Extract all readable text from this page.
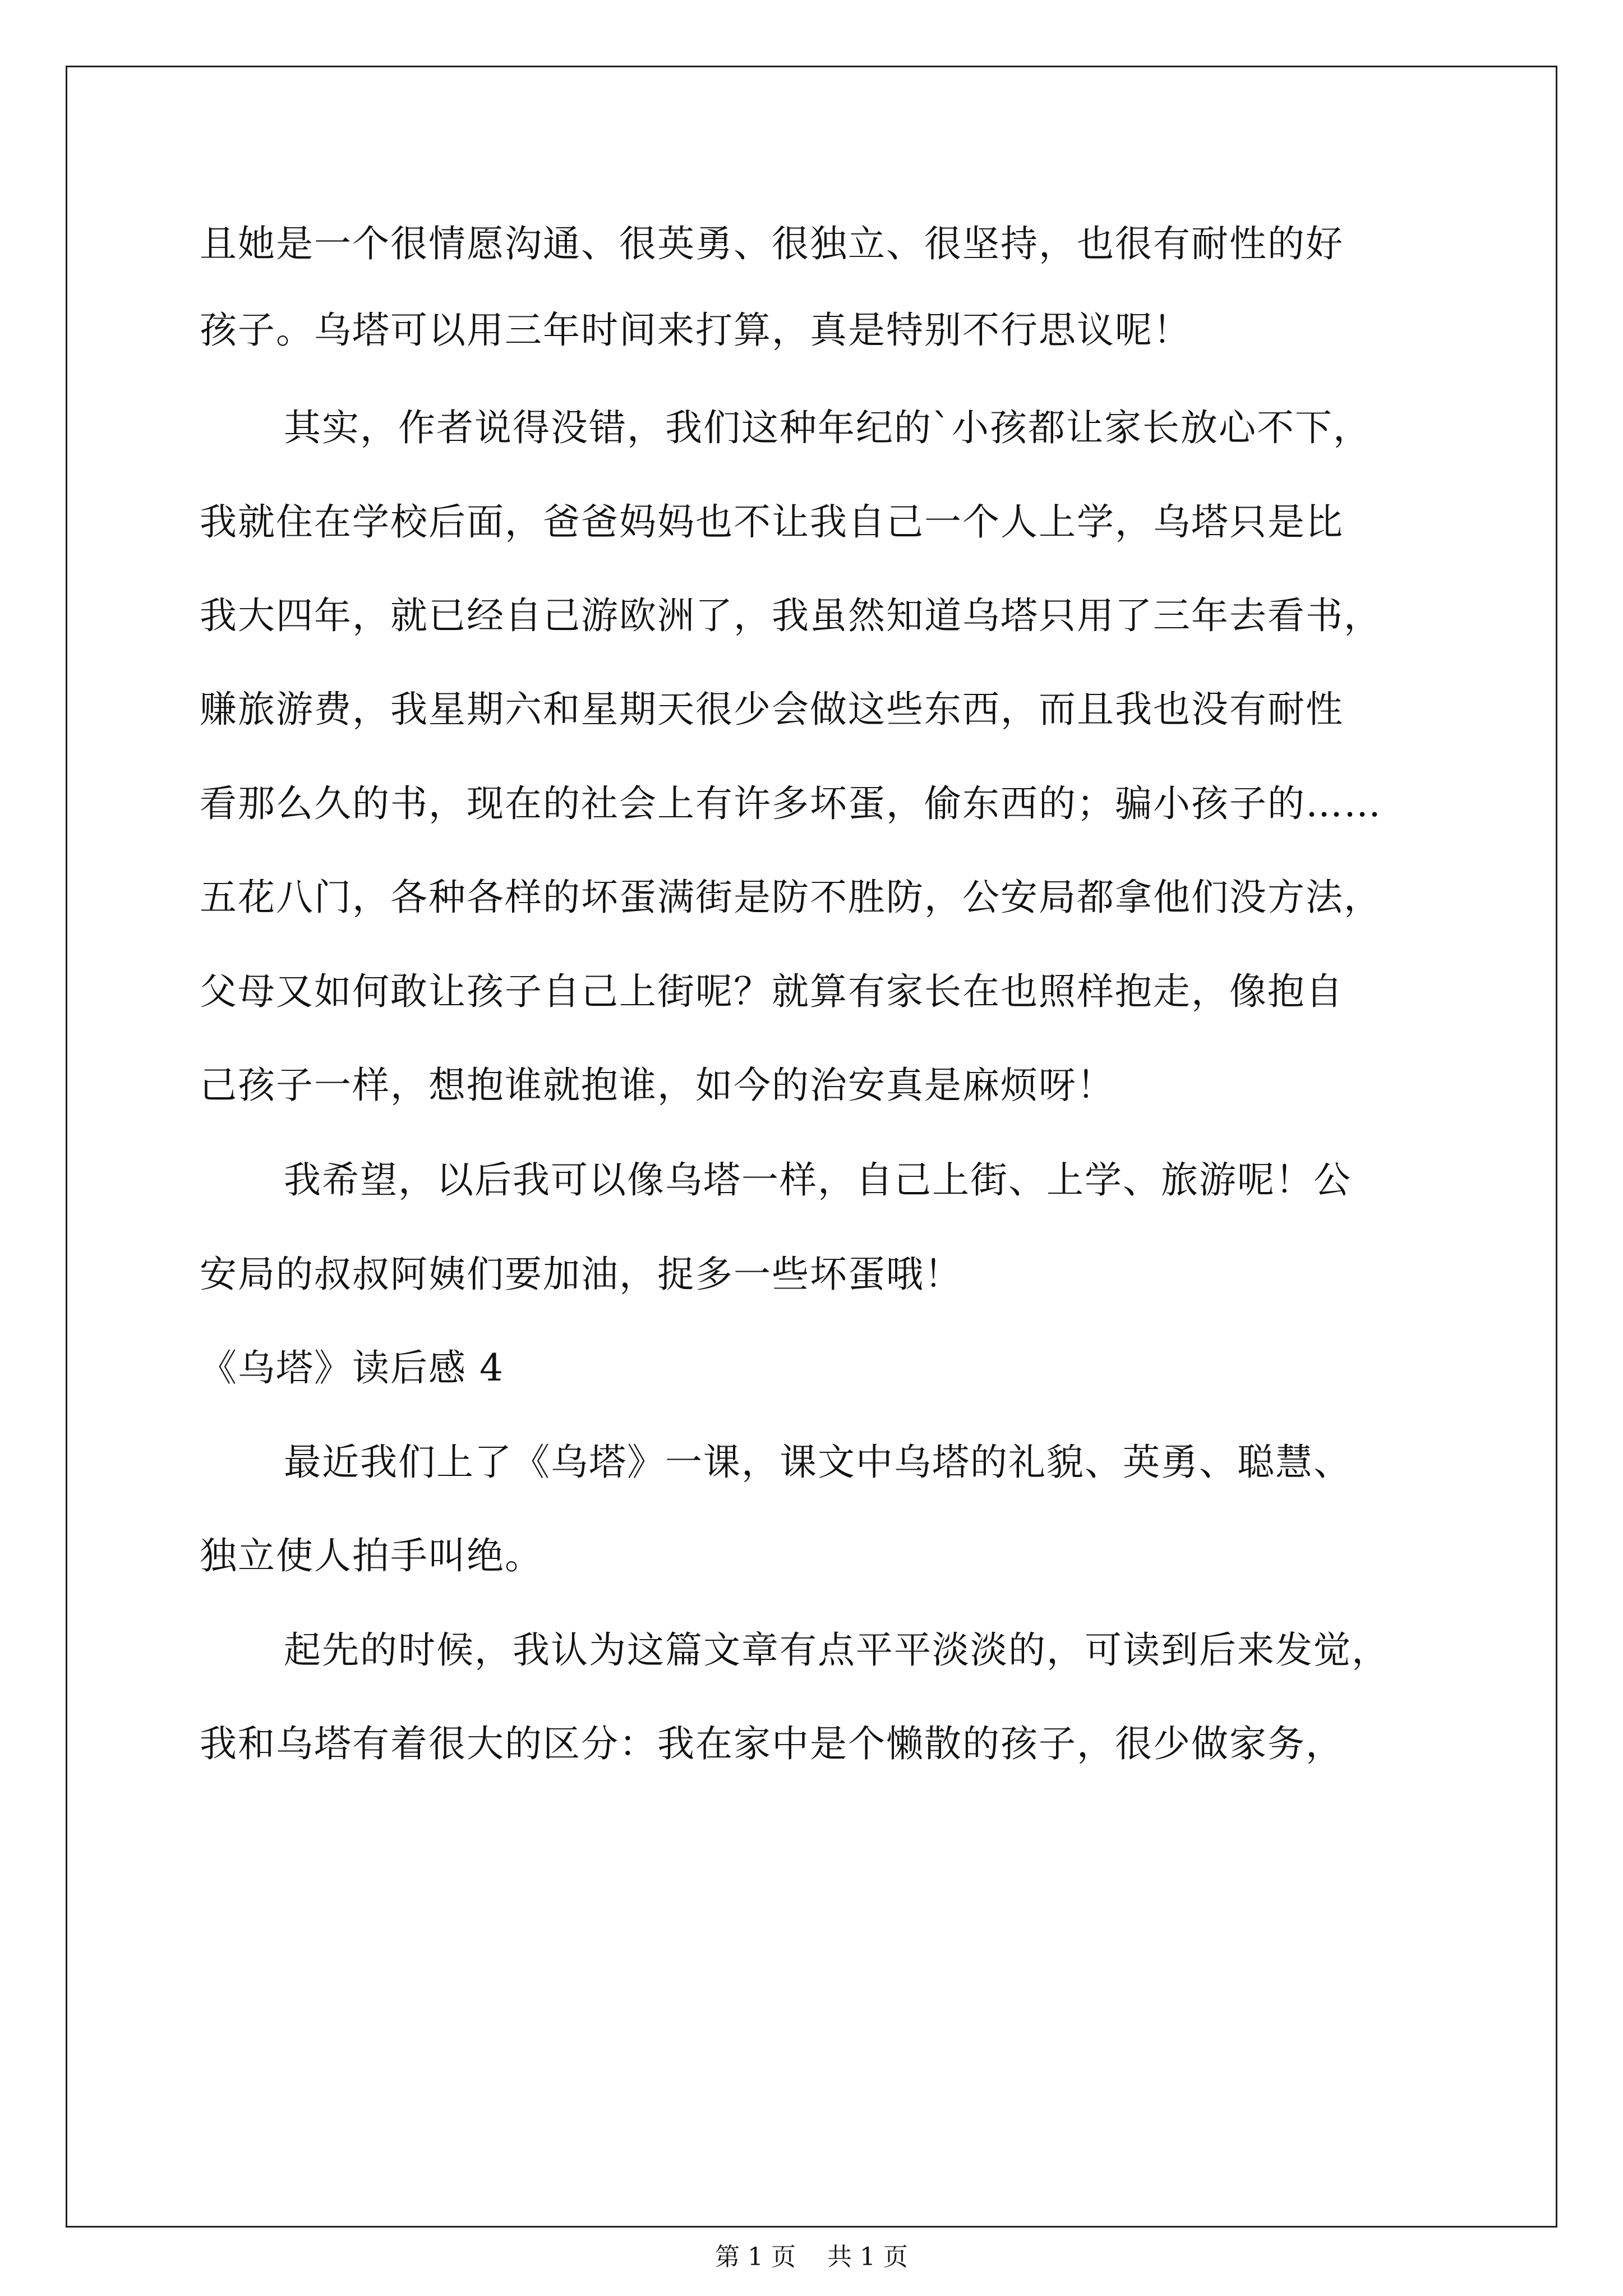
且她是一个很情愿沟通、很英勇、很独立、很坚持，也很有耐性的好
孩子。乌塔可以用三年时间来打算，真是特别不行思议呢！
其实，作者说得没错，我们这种年纪的`小孩都让家长放心不下，
我就住在学校后面，爸爸妈妈也不让我自己一个人上学，乌塔只是比
我大四年，就已经自己游欧洲了，我虽然知道乌塔只用了三年去看书，
赚旅游费，我星期六和星期天很少会做这些东西，而且我也没有耐性
看那么久的书，现在的社会上有许多坏蛋，偷东西的；骗小孩子的……
五花八门，各种各样的坏蛋满街是防不胜防，公安局都拿他们没方法，
父母又如何敢让孩子自己上街呢？就算有家长在也照样抱走，像抱自
己孩子一样，想抱谁就抱谁，如今的治安真是麻烦呀！
我希望，以后我可以像乌塔一样，自己上街、上学、旅游呢！公
安局的叔叔阿姨们要加油，捉多一些坏蛋哦！
《乌塔》读后感 4
最近我们上了《乌塔》一课，课文中乌塔的礼貌、英勇、聪慧、
独立使人拍手叫绝。
起先的时候，我认为这篇文章有点平平淡淡的，可读到后来发觉，
我和乌塔有着很大的区分：我在家中是个懒散的孩子，很少做家务，
第 1 页    共 1 页
